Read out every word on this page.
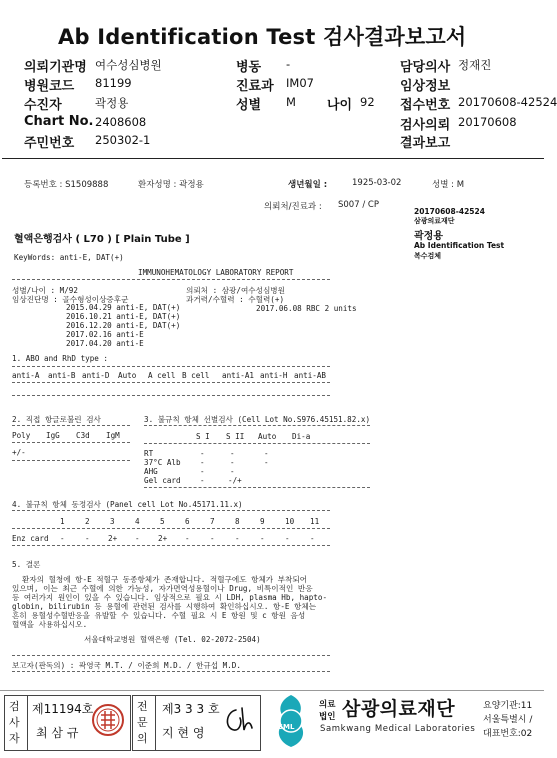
Ab Identification Test 검사결과보고서
의뢰기관명 여수성심병원
병원코드 81199
수진자	곽정용
Chart No. 2408608
주민번호 250302-1
병동 -
진료과 IM07
성별 M 나이 92
담당의사 정재진
임상정보
접수번호 20170608-42524
검사의뢰 20170608
결과보고
등록번호 : S1509888	환자성명 : 곽정용	생년월일 :	1925-03-02	성별 : M
의뢰처/진료과 : S007 / CP
20170608-42524
삼광의료재단
곽정용
Ab Identification Test
복수검체
혈액은행검사 ( L70 ) [ Plain Tube ]
KeyWords: anti-E, DAT(+)
IMMUNOHEMATOLOGY LABORATORY REPORT
성별/나이 : M/92	의뢰처 : 삼광/여수성심병원
임상진단명 : 골수형성이상증후군	과거력/수혈력 : 수혈력(+)
2015.04.29 anti-E, DAT(+)	2017.06.08 RBC 2 units
2016.10.21 anti-E, DAT(+)
2016.12.20 anti-E, DAT(+)
2017.02.16 anti-E
2017.04.20 anti-E
1. ABO and RhD type :
anti-A anti-B anti-D Auto A cell B cell anti-A1 anti-H anti-AB
2. 직접 항글로불린 검사
Poly IgG C3d IgM
+/-
3. 불규칙 항체 선별검사 (Cell Lot No.S976.45151.82.x)
S I S II Auto Di-a
RT	-	-	-
37°C Alb	-	-	-
AHG	-	-
Gel card	-	-/+
4. 불규칙 항체 동정검사 (Panel cell Lot No.45171.11.x)
1	2	3	4	5	6	7	8	9	10 11
Enz card -	- 2+ - 2+ -	-	-	-	-	-
5. 결론
환자의 혈청에 항-E 적혈구 동종항체가 존재합니다. 적혈구에도 항체가 부착되어
있으며, 이는 최근 수혈에 의한 가능성, 자가면역성용혈이나 Drug, 비특이적인 반응
등 여러가지 원인이 있을 수 있습니다. 임상적으로 필요 시 LDH, plasma Hb, hapto-
globin, bilirubin 등 용혈에 관련된 검사를 시행하여 확인하십시오. 항-E 항체는
흔히 용혈성수혈반응을 유발할 수 있습니다. 수혈 필요 시 E 항원 및 c 항원 음성
혈액을 사용하십시오.
서울대학교병원 혈액은행 (Tel. 02-2072-2504)
보고자(판독의) : 곽영국 M.T. / 이준희 M.D. / 한규섭 M.D.
검
사
자
제11194호
최 삼 규
전
문
의
제3 3 3 호
지 현 영	SML
의료
법인 삼광의료재단
Samkwang Medical Laboratories
요양기관:11
서울특별시 /
대표번호:02
